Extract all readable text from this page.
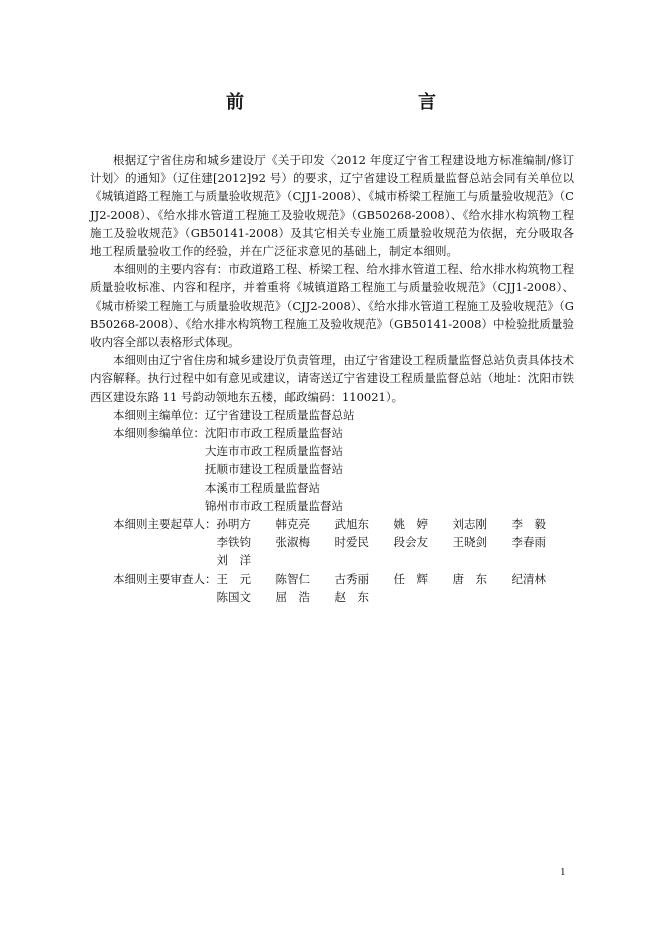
前　　言

根据辽宁省住房和城乡建设厅《关于印发〈2012 年度辽宁省工程建设地方标准编制/修订计划〉的通知》（辽住建[2012]92 号）的要求，辽宁省建设工程质量监督总站会同有关单位以《城镇道路工程施工与质量验收规范》（CJJ1-2008）、《城市桥梁工程施工与质量验收规范》（CJJ2-2008）、《给水排水管道工程施工及验收规范》（GB50268-2008）、《给水排水构筑物工程施工及验收规范》（GB50141-2008）及其它相关专业施工质量验收规范为依据，充分吸取各地工程质量验收工作的经验，并在广泛征求意见的基础上，制定本细则。

本细则的主要内容有：市政道路工程、桥梁工程、给水排水管道工程、给水排水构筑物工程质量验收标准、内容和程序，并着重将《城镇道路工程施工与质量验收规范》（CJJ1-2008）、《城市桥梁工程施工与质量验收规范》（CJJ2-2008）、《给水排水管道工程施工及验收规范》（GB50268-2008）、《给水排水构筑物工程施工及验收规范》（GB50141-2008）中检验批质量验收内容全部以表格形式体现。

本细则由辽宁省住房和城乡建设厅负责管理，由辽宁省建设工程质量监督总站负责具体技术内容解释。执行过程中如有意见或建议，请寄送辽宁省建设工程质量监督总站（地址：沈阳市铁西区建设东路 11 号韵动领地东五楼，邮政编码：110021）。

本细则主编单位： 辽宁省建设工程质量监督总站
本细则参编单位： 沈阳市市政工程质量监督站
大连市市政工程质量监督站
抚顺市建设工程质量监督站
本溪市工程质量监督站
锦州市市政工程质量监督站
本细则主要起草人： 孙明方	韩克亮	武旭东	姚　婷	刘志刚	李　毅
李铁钧	张淑梅	时爱民	段会友	王晓剑	李春雨
刘　洋
本细则主要审查人： 王　元	陈智仁	古秀丽	任　辉	唐　东	纪清林
陈国文	屈　浩	赵　东
1
